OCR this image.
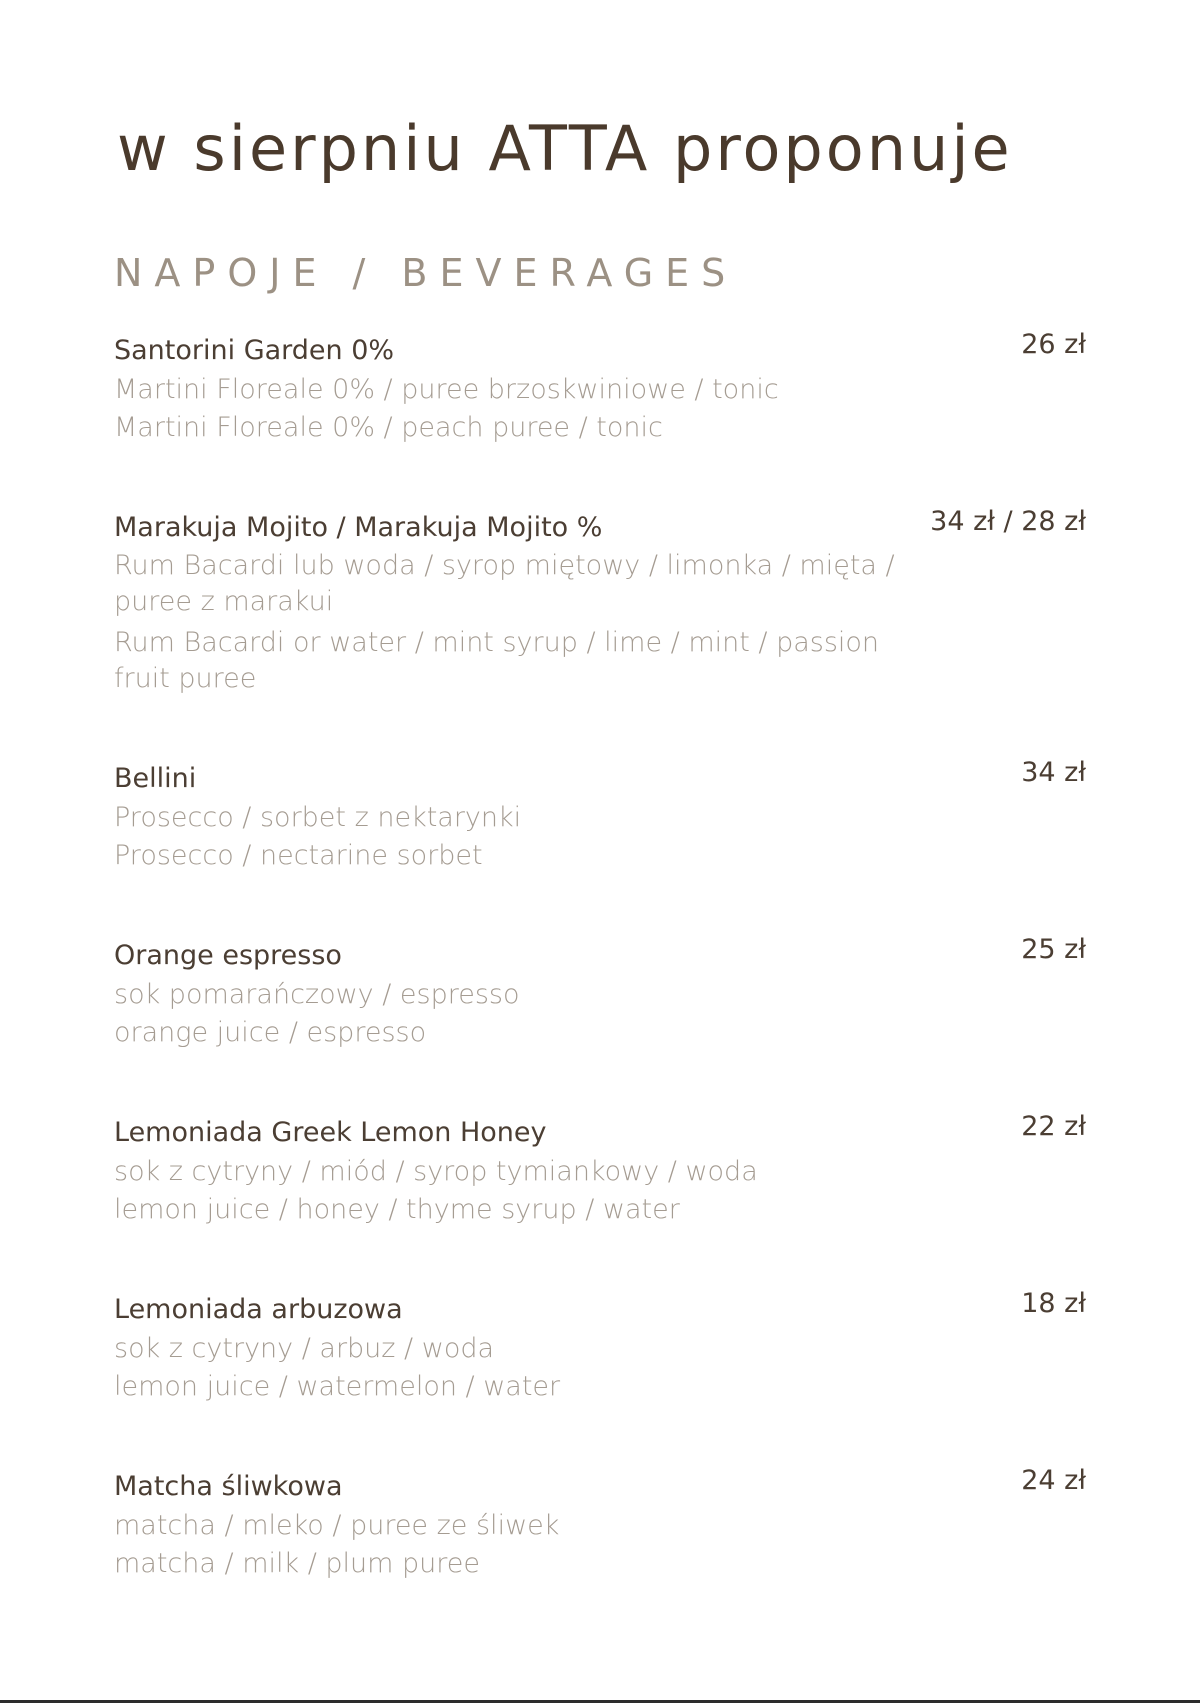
w sierpniu ATTA proponuje
NAPOJE / BEVERAGES
Santorini Garden 0%
Martini Floreale 0% / puree brzoskwiniowe / tonic
Martini Floreale 0% / peach puree / tonic
26 zł
Marakuja Mojito / Marakuja Mojito %
Rum Bacardi lub woda / syrop miętowy / limonka / mięta / puree z marakui
Rum Bacardi or water / mint syrup / lime / mint / passion fruit puree
34 zł / 28 zł
Bellini
Prosecco / sorbet z nektarynki
Prosecco / nectarine sorbet
34 zł
Orange espresso
sok pomarańczowy / espresso
orange juice / espresso
25 zł
Lemoniada Greek Lemon Honey
sok z cytryny / miód / syrop tymiankowy / woda
lemon juice / honey / thyme syrup / water
22 zł
Lemoniada arbuzowa
sok z cytryny / arbuz / woda
lemon juice / watermelon / water
18 zł
Matcha śliwkowa
matcha / mleko / puree ze śliwek
matcha / milk / plum puree
24 zł
